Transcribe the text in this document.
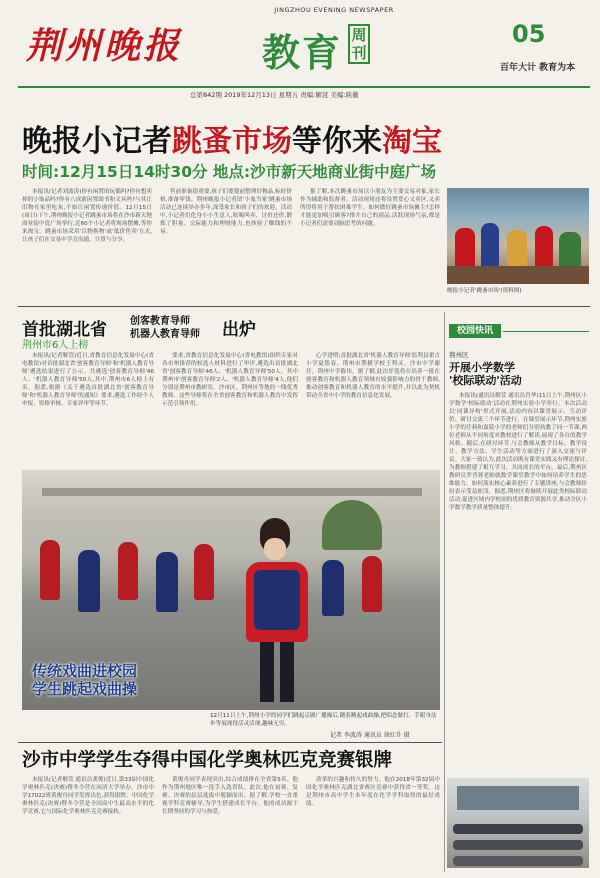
荆州晚报
JINGZHOU EVENING NEWSPAPER
教育 周刊
05
百年大计 教育为本
总第842期 2019年12月13日 星期五 责编:解萱 美编:陕徽
晚报小记者跳蚤市场等你来淘宝
时间:12月15日14时30分 地点:沙市新天地商业街中庭广场

本报讯(记者刘波涛)你有闲置的玩偶吗?你有想卖掉的小饰品吗?你有八成新闲置图书和文具吗?与其让旧物在家里吃灰,不如让闲置传递价值。12月15日(周日)下午,荆州晚报小记者跳蚤市场将在沙市新天地商业街中庭广场举行,近60个小记者将现场摆摊,等你来淘宝。跳蚤市场采用'以物换物'或'低价售卖'方式,让孩子们在交易中学会沟通、计算与分享。

售前准备很重要,孩子们要提前整理好物品,标好价格,准备零钱。荆州晚报小记者团'小鬼当家'跳蚤市场活动已连续举办多年,深受家长和孩子们的欢迎。活动中,小记者们化身小小生意人,吆喝叫卖、讨价还价,锻炼了胆量、交际能力和理财能力,也体验了赚钱的不易。

据了解,本次跳蚤市场以小朋友为主要交易对象,家长作为辅助和监督者。活动现场还将设置爱心义卖区,义卖所得将用于帮扶困难学生。如何做好跳蚤市场摊主?怎样才能更加吸引顾客?推介自己的商品,活跃现场气氛,都是小记者们需要动脑思考的问题。

晚报小记者'跳蚤市场'(资料图)
首批湖北省 创客教育导师
机器人教育导师 出炉
荆州市6人上榜

本报讯(记者解萱)近日,省教育信息化发展中心(省电教馆)对首批湖北省'创客教育导师'和'机器人教育导师'遴选结果进行了公示。共遴选'创客教育导师'46人、'机器人教育导师'50人,其中,荆州市6人榜上有名。据悉,根据《关于遴选首批湖北省'创客教育导师'和'机器人教育导师'的通知》要求,遴选工作经个人申报、资格审核、专家评审等环节。

要求,省教育信息化发展中心(省电教馆)组织专家对各市州推荐的候选人材料进行了审评,遴选出首批湖北省'创客教育导师'46人、'机器人教育导师'50人。其中荆州市'创客教育导师'2人、'机器人教育导师'4人,他们分别是荆州市教研室、沙市区、荆州区等地的一线优秀教师。这些导师将在全省创客教育和机器人教育中发挥示范引领作用。

心学进明;首批湖北省'机器人教育导师'监利县翟吉小学夏银春、荆州市荆横学校王利灵、沙市中学谢任。荆州中学陈伟。据了解,此次评选将在培养一批在创客教育和机器人教育领域有较强影响力的骨干教师,推动创客教育和机器人教育的水平提升,并以此为契机带动全省中小学的教育信息化发展。

传统戏曲进校园
学生跳起戏曲操
12月11日上午,荆州小学的同学们跳起京剧广播操后,随着跳起戏曲操,把唱念做打、手眼身法步等展现得活灵活现,趣味无穷。
记者 李波涛 通讯员 徐红升 摄
沙市中学学生夺得中国化学奥林匹克竞赛银牌

本报讯(记者解萱 通讯员龚俊)近日,第33届中国化学奥林匹克(决赛)暨冬令营在同济大学举办。沙市中学17022班黄俊舟同学发挥出色,获得银牌。中国化学奥林匹克(决赛)暨冬令营是全国高中生最高水平的化学竞赛,它与国际化学奥林匹克竞赛接轨。

黄俊舟同学表现突出,综合成绩排在全省第5名。他作为荆州地区唯一选手入选省队。此次,他在初赛、复赛、决赛的层层选拔中脱颖而出。据了解,学校一直重视学科竞赛辅导,为学生搭建成长平台。他的成功源于长期坚持的学习与热爱。

改革的兴趣和持久的努力。他在2018年第32届中国化学奥林匹克湖北省赛区竞赛中获得省一等奖。这是荆州市高中学生本年度在化学学科取得的最好成绩。

校园快讯
荆州区
开展小学数学
'校际联动'活动

本报讯(通讯员解萱 通讯员肖华)11日上午,荆州区小学数学'校际联动'活动在荆州实验小学举行。本次活动以'同课异构'形式开展,活动内容以课堂展示、互动评价、研讨交流三个环节进行。在课堂展示环节,荆州实验小学的任莉和嘉陵小学的老师们分别执教了同一节课,两位老师从不同角度对教材进行了解读,展现了各自的教学风格。随后,在研讨环节,与会教师从教学目标、教学设计、教学方法、学生活动等方面进行了深入交流与评议。大家一致认为,此次活动既有课堂实践又有理论探讨,为教师搭建了相互学习、共同成长的平台。最后,荆州区教研员罗晋蓉老师就数学课堂教学中如何培养学生的思维能力、如何落实核心素养进行了专题讲座,与会教师纷纷表示受益匪浅。据悉,荆州区将继续开展此类校际联动活动,促进区域内学校间的优质教育资源共享,推动全区小学数学教学质量整体提升。
